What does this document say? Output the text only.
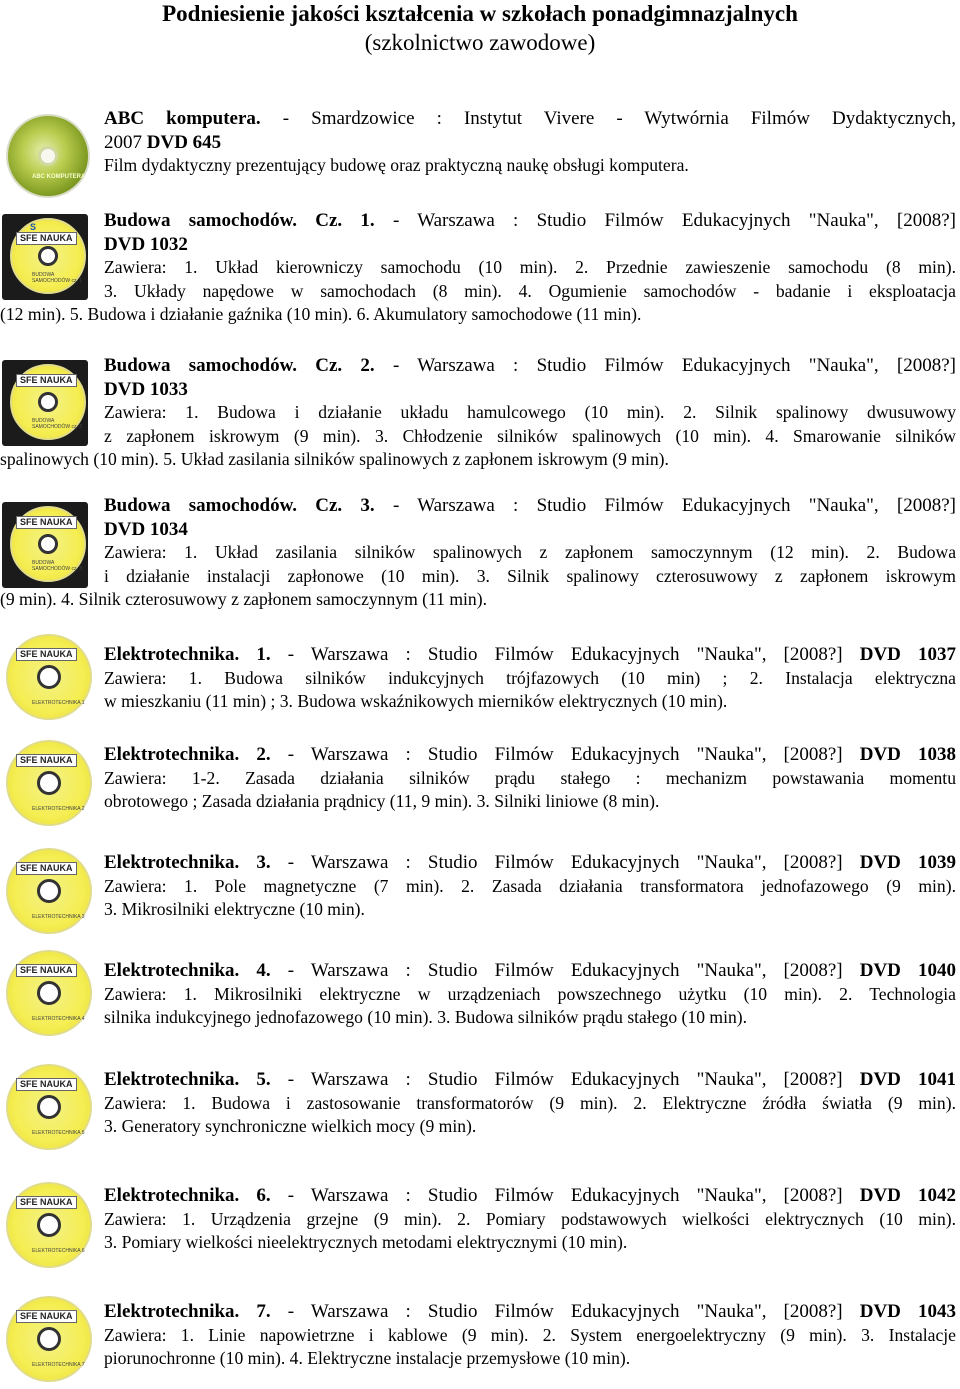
Podniesienie jakości kształcenia w szkołach ponadgimnazjalnych
(szkolnictwo zawodowe)
ABC KOMPUTERA
ABC komputera. - Smardzowice : Instytut Vivere - Wytwórnia Filmów Dydaktycznych,
2007 DVD 645
Film dydaktyczny prezentujący budowę oraz praktyczną naukę obsługi komputera.
S
SFE NAUKA
BUDOWA SAMOCHODÓW cz. 1
Budowa samochodów. Cz. 1. - Warszawa : Studio Filmów Edukacyjnych "Nauka", [2008?]
DVD 1032
Zawiera: 1. Układ kierowniczy samochodu (10 min). 2. Przednie zawieszenie samochodu (8 min).
3. Układy napędowe w samochodach (8 min). 4. Ogumienie samochodów - badanie i eksploatacja
(12 min). 5. Budowa i działanie gaźnika (10 min). 6. Akumulatory samochodowe (11 min).
SFE NAUKA
BUDOWA SAMOCHODÓW cz. 2
Budowa samochodów. Cz. 2. - Warszawa : Studio Filmów Edukacyjnych "Nauka", [2008?]
DVD 1033
Zawiera: 1. Budowa i działanie układu hamulcowego (10 min). 2. Silnik spalinowy dwusuwowy
z zapłonem iskrowym (9 min). 3. Chłodzenie silników spalinowych (10 min). 4. Smarowanie silników
spalinowych (10 min). 5. Układ zasilania silników spalinowych z zapłonem iskrowym (9 min).
SFE NAUKA
BUDOWA SAMOCHODÓW cz. 3
Budowa samochodów. Cz. 3. - Warszawa : Studio Filmów Edukacyjnych "Nauka", [2008?]
DVD 1034
Zawiera: 1. Układ zasilania silników spalinowych z zapłonem samoczynnym (12 min). 2. Budowa
i działanie instalacji zapłonowe (10 min). 3. Silnik spalinowy czterosuwowy z zapłonem iskrowym
(9 min). 4. Silnik czterosuwowy z zapłonem samoczynnym (11 min).
SFE NAUKA
ELEKTROTECHNIKA 1
Elektrotechnika. 1. - Warszawa : Studio Filmów Edukacyjnych "Nauka", [2008?] DVD 1037
Zawiera: 1. Budowa silników indukcyjnych trójfazowych (10 min) ; 2. Instalacja elektryczna
w mieszkaniu (11 min) ; 3. Budowa wskaźnikowych mierników elektrycznych (10 min).
SFE NAUKA
ELEKTROTECHNIKA 2
Elektrotechnika. 2. - Warszawa : Studio Filmów Edukacyjnych "Nauka", [2008?] DVD 1038
Zawiera: 1-2. Zasada działania silników prądu stałego : mechanizm powstawania momentu
obrotowego ; Zasada działania prądnicy (11, 9 min). 3. Silniki liniowe (8 min).
SFE NAUKA
ELEKTROTECHNIKA 3
Elektrotechnika. 3. - Warszawa : Studio Filmów Edukacyjnych "Nauka", [2008?] DVD 1039
Zawiera: 1. Pole magnetyczne (7 min). 2. Zasada działania transformatora jednofazowego (9 min).
3. Mikrosilniki elektryczne (10 min).
SFE NAUKA
ELEKTROTECHNIKA 4
Elektrotechnika. 4. - Warszawa : Studio Filmów Edukacyjnych "Nauka", [2008?] DVD 1040
Zawiera: 1. Mikrosilniki elektryczne w urządzeniach powszechnego użytku (10 min). 2. Technologia
silnika indukcyjnego jednofazowego (10 min). 3. Budowa silników prądu stałego (10 min).
SFE NAUKA
ELEKTROTECHNIKA 5
Elektrotechnika. 5. - Warszawa : Studio Filmów Edukacyjnych "Nauka", [2008?] DVD 1041
Zawiera: 1. Budowa i zastosowanie transformatorów (9 min). 2. Elektryczne źródła światła (9 min).
3. Generatory synchroniczne wielkich mocy (9 min).
SFE NAUKA
ELEKTROTECHNIKA 6
Elektrotechnika. 6. - Warszawa : Studio Filmów Edukacyjnych "Nauka", [2008?] DVD 1042
Zawiera: 1. Urządzenia grzejne (9 min). 2. Pomiary podstawowych wielkości elektrycznych (10 min).
3. Pomiary wielkości nieelektrycznych metodami elektrycznymi (10 min).
SFE NAUKA
ELEKTROTECHNIKA 7
Elektrotechnika. 7. - Warszawa : Studio Filmów Edukacyjnych "Nauka", [2008?] DVD 1043
Zawiera: 1. Linie napowietrzne i kablowe (9 min). 2. System energoelektryczny (9 min). 3. Instalacje
piorunochronne (10 min). 4. Elektryczne instalacje przemysłowe (10 min).
